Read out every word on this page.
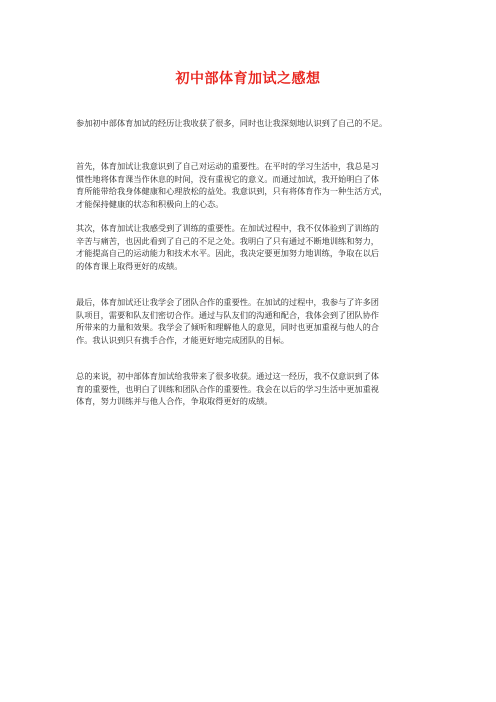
初中部体育加试之感想
参加初中部体育加试的经历让我收获了很多，同时也让我深刻地认识到了自己的不足。
首先，体育加试让我意识到了自己对运动的重要性。在平时的学习生活中，我总是习
惯性地将体育课当作休息的时间，没有重视它的意义。而通过加试，我开始明白了体
育所能带给我身体健康和心理放松的益处。我意识到，只有将体育作为一种生活方式，
才能保持健康的状态和积极向上的心态。
其次，体育加试让我感受到了训练的重要性。在加试过程中，我不仅体验到了训练的
辛苦与痛苦，也因此看到了自己的不足之处。我明白了只有通过不断地训练和努力，
才能提高自己的运动能力和技术水平。因此，我决定要更加努力地训练，争取在以后
的体育课上取得更好的成绩。
最后，体育加试还让我学会了团队合作的重要性。在加试的过程中，我参与了许多团
队项目，需要和队友们密切合作。通过与队友们的沟通和配合，我体会到了团队协作
所带来的力量和效果。我学会了倾听和理解他人的意见，同时也更加重视与他人的合
作。我认识到只有携手合作，才能更好地完成团队的目标。
总的来说，初中部体育加试给我带来了很多收获。通过这一经历，我不仅意识到了体
育的重要性，也明白了训练和团队合作的重要性。我会在以后的学习生活中更加重视
体育，努力训练并与他人合作，争取取得更好的成绩。
